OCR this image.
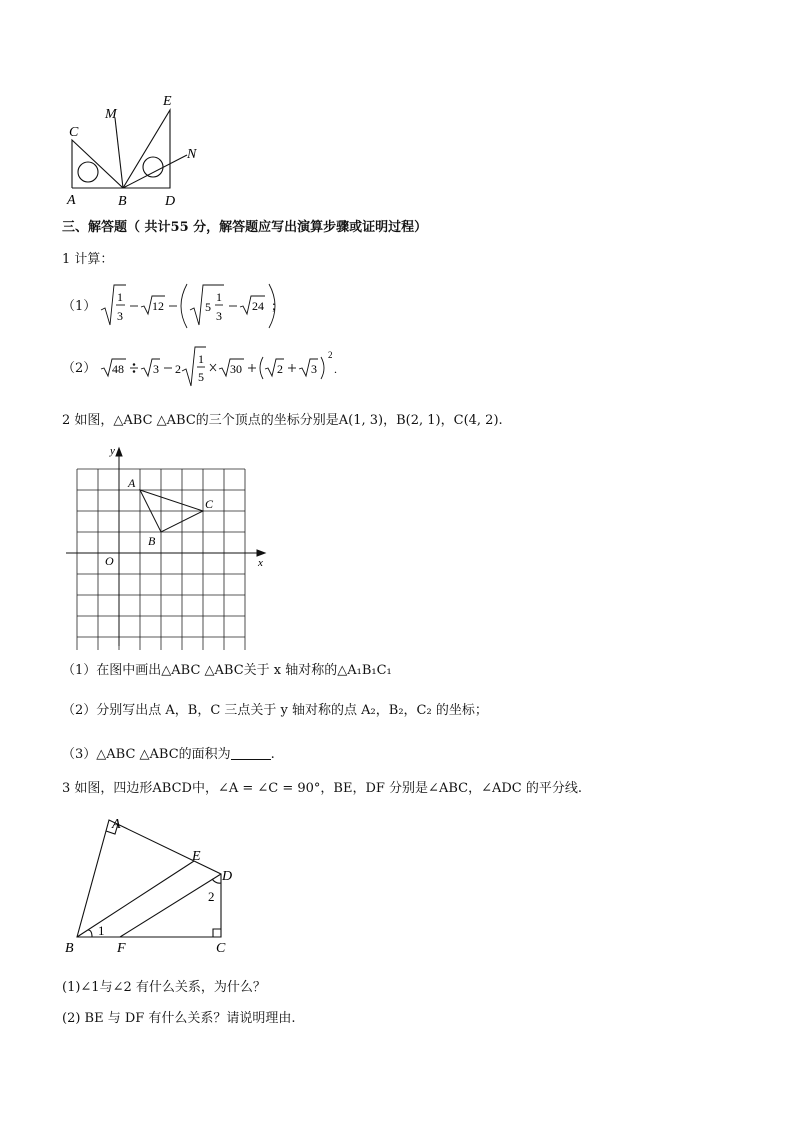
C
M
E
N
A	B	D
三、解答题（ 共计55 分，解答题应写出演算步骤或证明过程）
1 计算：
（1）
1
3
12	5
1
3
24 ；
（2） 48 3 2
1
5
30	2 3
2
.
2 如图，△ABC △ABC的三个顶点的坐标分别是A(1, 3)，B(2, 1)，C(4, 2).
y
x
O
A
B
C
（1）在图中画出△ABC △ABC关于 x 轴对称的△A₁B₁C₁
（2）分别写出点 A，B，C 三点关于 y 轴对称的点 A₂，B₂，C₂ 的坐标；
（3）△ABC △ABC的面积为	.
3 如图，四边形ABCD中，∠A = ∠C = 90°，BE，DF 分别是∠ABC，∠ADC 的平分线.
A
E
D
B	F	C
1
2
(1)∠1与∠2 有什么关系，为什么？
(2) BE 与 DF 有什么关系？请说明理由.
